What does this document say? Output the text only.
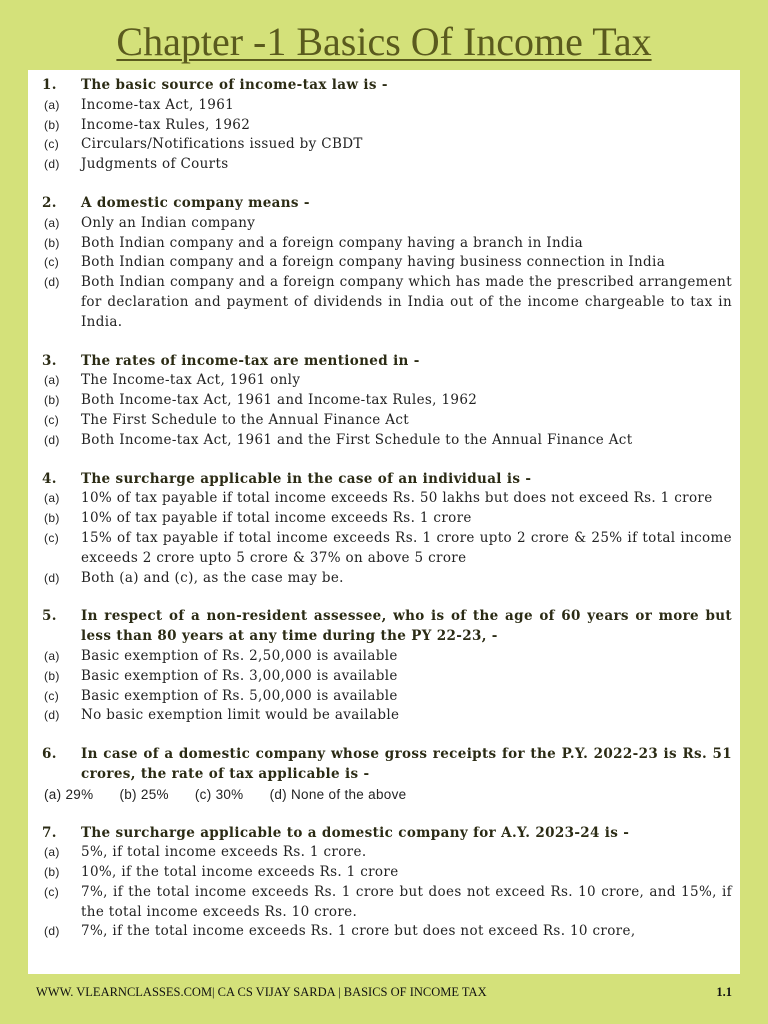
Chapter -1 Basics Of Income Tax
1.	The basic source of income-tax law is -
(a)	Income-tax Act, 1961
(b)	Income-tax Rules, 1962
(c)	Circulars/Notifications issued by CBDT
(d)	Judgments of Courts
2.	A domestic company means -
(a)	Only an Indian company
(b)	Both Indian company and a foreign company having a branch in India
(c)	Both Indian company and a foreign company having business connection in India
(d)	Both Indian company and a foreign company which has made the prescribed arrangement for declaration and payment of dividends in India out of the income chargeable to tax in India.
3.	The rates of income-tax are mentioned in -
(a)	The Income-tax Act, 1961 only
(b)	Both Income-tax Act, 1961 and Income-tax Rules, 1962
(c)	The First Schedule to the Annual Finance Act
(d)	Both Income-tax Act, 1961 and the First Schedule to the Annual Finance Act
4.	The surcharge applicable in the case of an individual is -
(a)	10% of tax payable if total income exceeds Rs. 50 lakhs but does not exceed Rs. 1 crore
(b)	10% of tax payable if total income exceeds Rs. 1 crore
(c)	15% of tax payable if total income exceeds Rs. 1 crore upto 2 crore & 25% if total income exceeds 2 crore upto 5 crore & 37% on above 5 crore
(d)	Both (a) and (c), as the case may be.
5.	In respect of a non-resident assessee, who is of the age of 60 years or more but less than 80 years at any time during the PY 22-23, -
(a)	Basic exemption of Rs. 2,50,000 is available
(b)	Basic exemption of Rs. 3,00,000 is available
(c)	Basic exemption of Rs. 5,00,000 is available
(d)	No basic exemption limit would be available
6.	In case of a domestic company whose gross receipts for the P.Y. 2022-23 is Rs. 51 crores, the rate of tax applicable is -
(a) 29% (b) 25% (c) 30% (d) None of the above
7.	The surcharge applicable to a domestic company for A.Y. 2023-24 is -
(a)	5%, if total income exceeds Rs. 1 crore.
(b)	10%, if the total income exceeds Rs. 1 crore
(c)	7%, if the total income exceeds Rs. 1 crore but does not exceed Rs. 10 crore, and 15%, if the total income exceeds Rs. 10 crore.
(d)	7%, if the total income exceeds Rs. 1 crore but does not exceed Rs. 10 crore,
WWW. VLEARNCLASSES.COM| CA CS VIJAY SARDA | BASICS OF INCOME TAX	1.1
